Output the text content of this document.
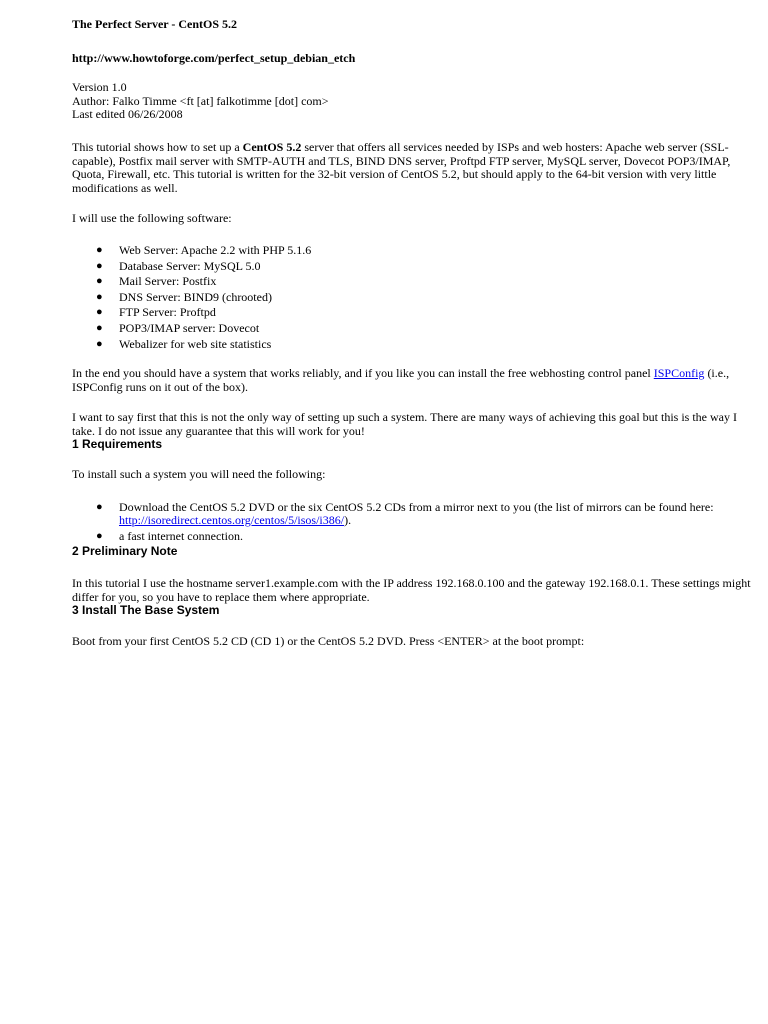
The Perfect Server - CentOS 5.2
http://www.howtoforge.com/perfect_setup_debian_etch
Version 1.0
Author: Falko Timme <ft [at] falkotimme [dot] com>
Last edited 06/26/2008

This tutorial shows how to set up a CentOS 5.2 server that offers all services needed by ISPs and web hosters: Apache web server (SSL-capable), Postfix mail server with SMTP-AUTH and TLS, BIND DNS server, Proftpd FTP server, MySQL server, Dovecot POP3/IMAP, Quota, Firewall, etc. This tutorial is written for the 32-bit version of CentOS 5.2, but should apply to the 64-bit version with very little modifications as well.

I will use the following software:

● Web Server: Apache 2.2 with PHP 5.1.6
● Database Server: MySQL 5.0
● Mail Server: Postfix
● DNS Server: BIND9 (chrooted)
● FTP Server: Proftpd
● POP3/IMAP server: Dovecot
● Webalizer for web site statistics

In the end you should have a system that works reliably, and if you like you can install the free webhosting control panel ISPConfig (i.e., ISPConfig runs on it out of the box).

I want to say first that this is not the only way of setting up such a system. There are many ways of achieving this goal but this is the way I take. I do not issue any guarantee that this will work for you!

1 Requirements

To install such a system you will need the following:

● Download the CentOS 5.2 DVD or the six CentOS 5.2 CDs from a mirror next to you (the list of mirrors can be found here: http://isoredirect.centos.org/centos/5/isos/i386/).
● a fast internet connection.
2 Preliminary Note

In this tutorial I use the hostname server1.example.com with the IP address 192.168.0.100 and the gateway 192.168.0.1. These settings might differ for you, so you have to replace them where appropriate.

3 Install The Base System

Boot from your first CentOS 5.2 CD (CD 1) or the CentOS 5.2 DVD. Press <ENTER> at the boot prompt:
